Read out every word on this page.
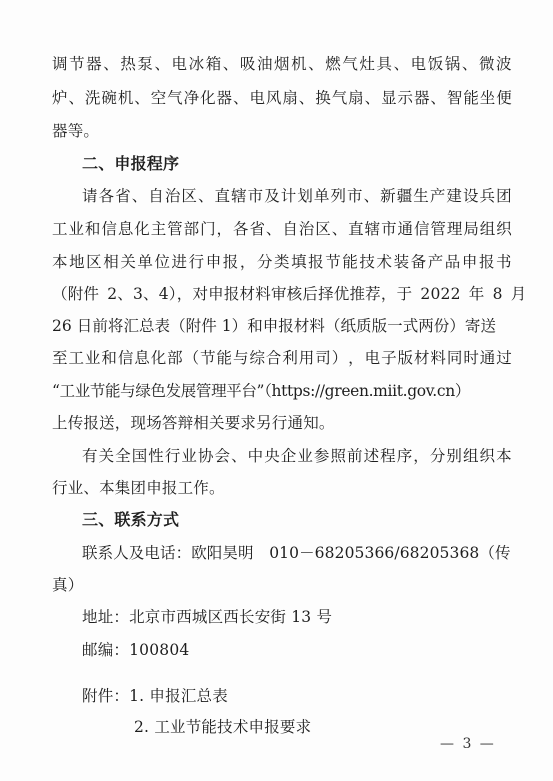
调 节 器 、 热 泵 、 电 冰 箱 、 吸 油 烟 机 、 燃 气 灶 具 、 电 饭 锅 、 微 波
炉 、 洗 碗 机 、 空 气 净 化 器 、 电 风 扇 、 换 气 扇 、 显 示 器 、 智 能 坐 便
器等。
二、申报程序
请 各 省 、 自 治 区 、 直 辖 市 及 计 划 单 列 市 、 新 疆 生 产 建 设 兵 团
工 业 和 信 息 化 主 管 部 门 ， 各 省 、 自 治 区 、 直 辖 市 通 信 管 理 局 组 织
本 地 区 相 关 单 位 进 行 申 报 ， 分 类 填 报 节 能 技 术 装 备 产 品 申 报 书
（附件 2、3、4），对申报材料审核后择优推荐，于 2022 年 8 月
26 日前将汇总表（附件 1）和申报材料（纸质版一式两份）寄送
至 工 业 和 信 息 化 部 （ 节 能 与 综 合 利 用 司 ） ， 电 子 版 材 料 同 时 通 过
“工业节能与绿色发展管理平台”（https://green.miit.gov.cn）
上传报送，现场答辩相关要求另行通知。
有 关 全 国 性 行 业 协 会 、 中 央 企 业 参 照 前 述 程 序 ， 分 别 组 织 本
行业、本集团申报工作。
三、联系方式
联系人及电话：欧阳昊明　010－68205366/68205368（传
真）
地址：北京市西城区西长安街 13 号
邮编：100804
附件：1. 申报汇总表
2. 工业节能技术申报要求
— 3 —
